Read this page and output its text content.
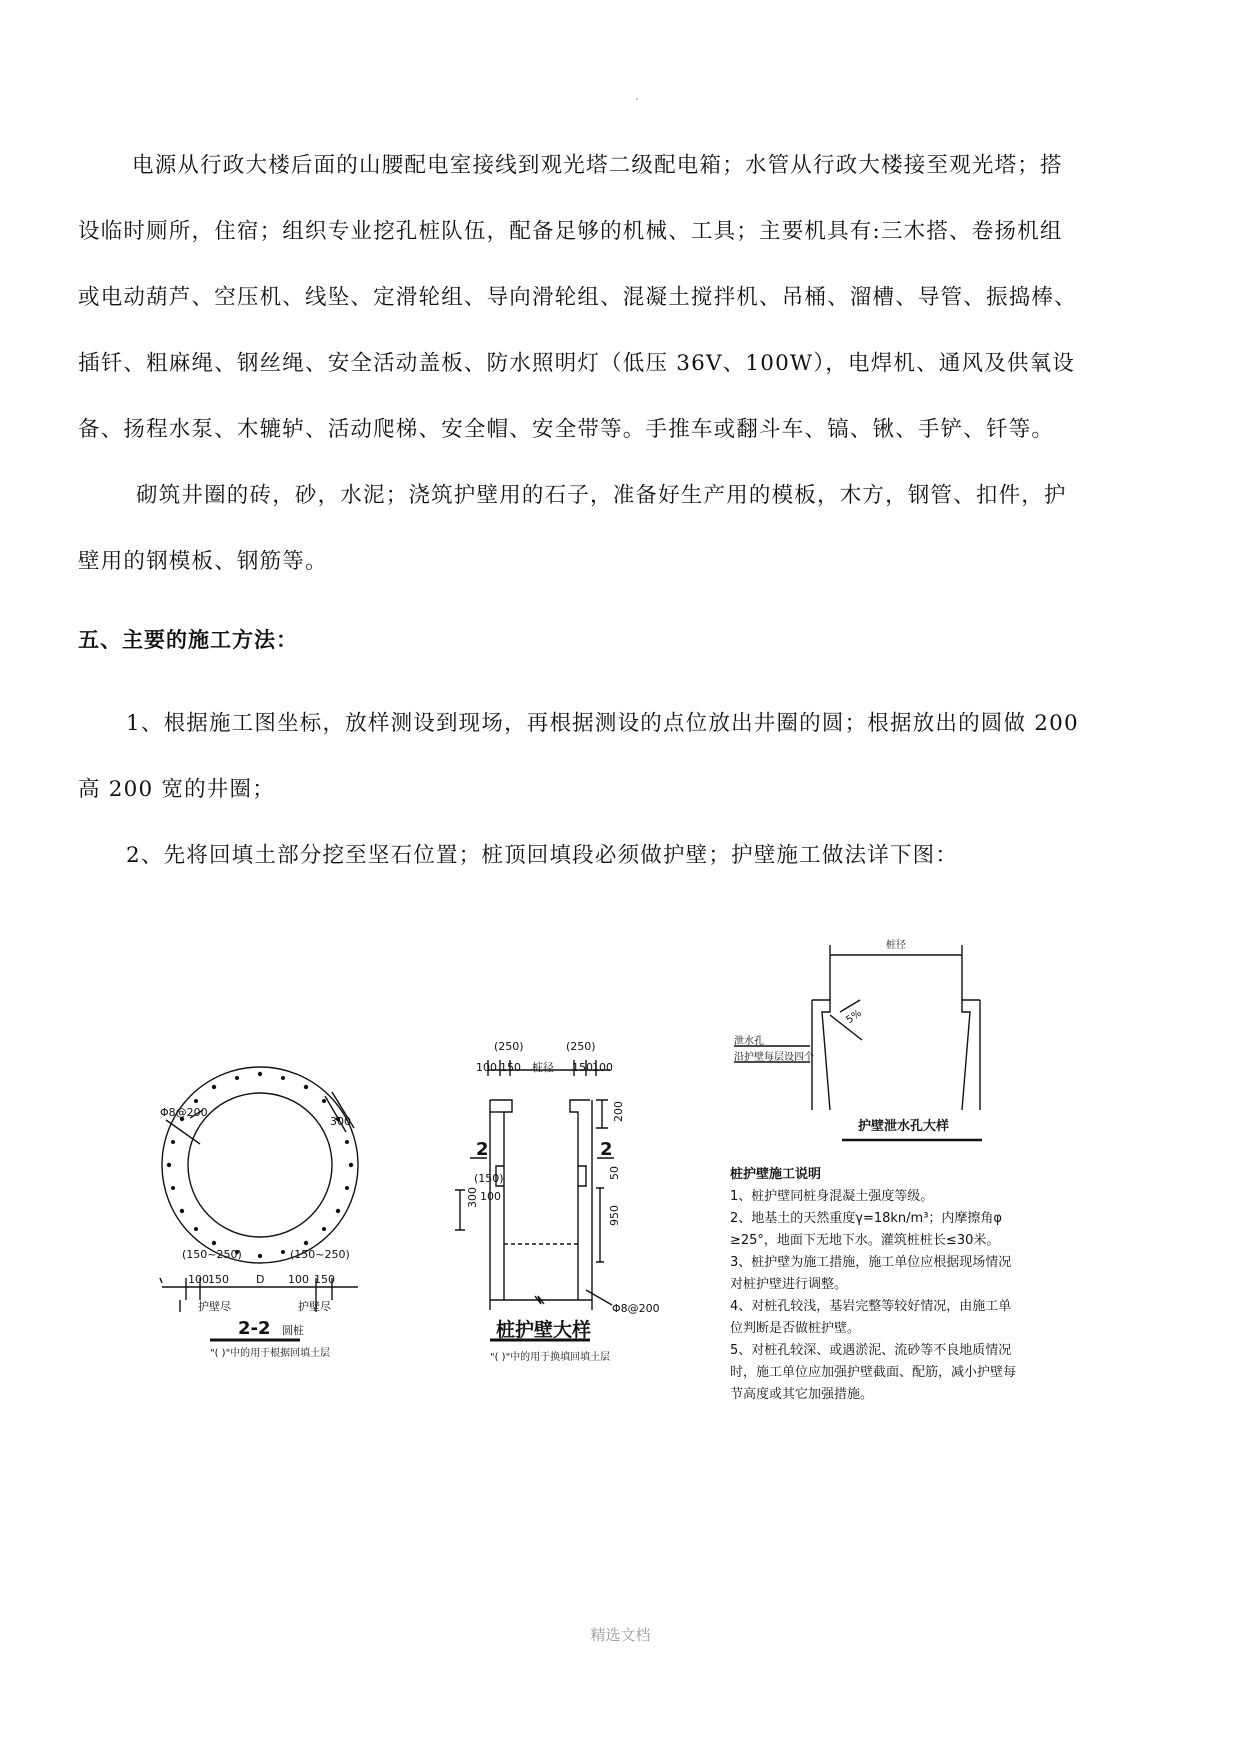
电源从行政大楼后面的山腰配电室接线到观光塔二级配电箱；水管从行政大楼接至观光塔；搭
设临时厕所，住宿；组织专业挖孔桩队伍，配备足够的机械、工具；主要机具有:三木搭、卷扬机组
或电动葫芦、空压机、线坠、定滑轮组、导向滑轮组、混凝土搅拌机、吊桶、溜槽、导管、振捣棒、
插钎、粗麻绳、钢丝绳、安全活动盖板、防水照明灯（低压 36V、100W），电焊机、通风及供氧设
备、扬程水泵、木辘轳、活动爬梯、安全帽、安全带等。手推车或翻斗车、镐、锹、手铲、钎等。
砌筑井圈的砖，砂，水泥；浇筑护壁用的石子，准备好生产用的模板，木方，钢管、扣件，护
壁用的钢模板、钢筋等。
五、主要的施工方法：
1、根据施工图坐标，放样测设到现场，再根据测设的点位放出井圈的圆；根据放出的圆做 200
高 200 宽的井圈；
2、先将回填土部分挖至坚石位置；桩顶回填段必须做护壁；护壁施工做法详下图：
Φ8@200
300
(150~250)	(150~250)
100 150 D 100 150
护壁尽	护壁尽
2-2 圆桩
"( )"中的用于根据回填土层
(250)	(250)
100 150 桩径 150 100
200
2	2
(150)
100
300
50
950
Φ8@200
桩护壁大样
"( )"中的用于换填回填土层
桩径
5%
泄水孔
沿护壁每层设四个
护壁泄水孔大样
桩护壁施工说明
1、桩护壁同桩身混凝土强度等级。
2、地基土的天然重度γ=18kn/m³；内摩擦角φ
≥25°，地面下无地下水。灌筑桩桩长≤30米。
3、桩护壁为施工措施，施工单位应根据现场情况
对桩护壁进行调整。
4、对桩孔较浅，基岩完整等较好情况，由施工单
位判断是否做桩护壁。
5、对桩孔较深、或遇淤泥、流砂等不良地质情况
时，施工单位应加强护壁截面、配筋，减小护壁每
节高度或其它加强措施。
精选文档
